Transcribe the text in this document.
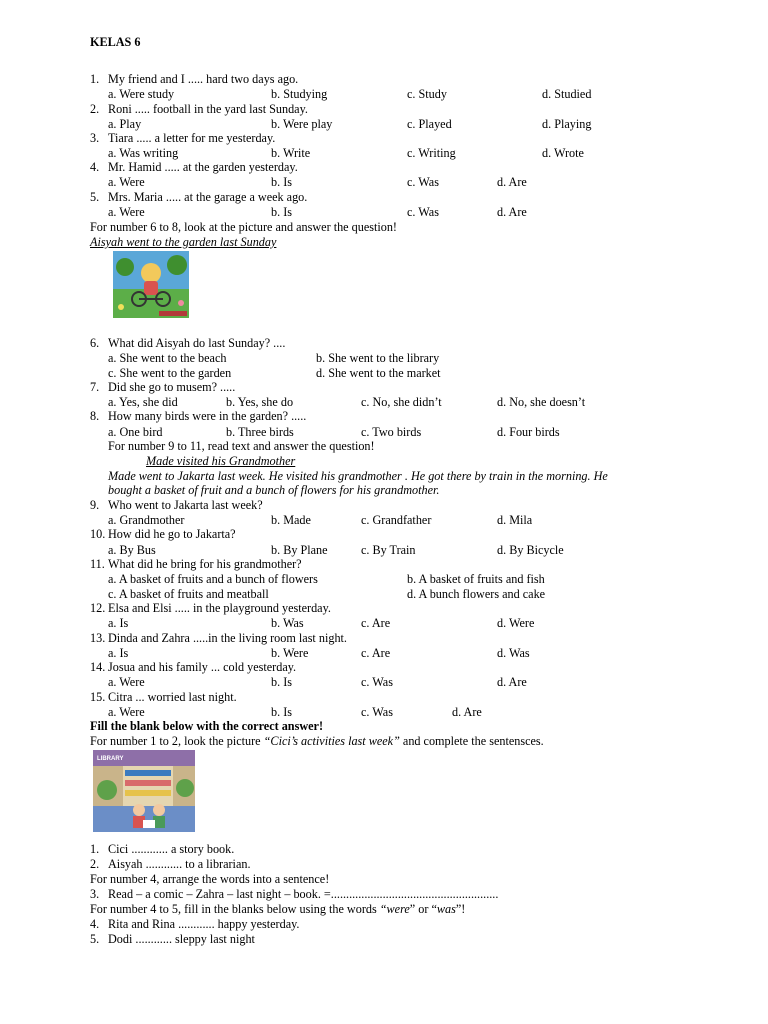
KELAS 6
1. My friend and I ..... hard two days ago.
a. Were study	b. Studying	c. Study	d. Studied
2. Roni ..... football in the yard last Sunday.
a. Play	b. Were play	c. Played	d. Playing
3. Tiara ..... a letter for me yesterday.
a. Was writing	b. Write	c. Writing	d. Wrote
4. Mr. Hamid ..... at the garden yesterday.
a. Were	b. Is	c. Was	d. Are
5. Mrs. Maria ..... at the garage a week ago.
a. Were	b. Is	c. Was	d. Are
For number 6 to 8, look at the picture and answer the question!
Aisyah went to the garden last Sunday
6. What did Aisyah do last Sunday? ....
a. She went to the beach	b. She went to the library
c. She went to the garden	d. She went to the market
7. Did she go to musem? .....
a. Yes, she did	b. Yes, she do	c. No, she didn’t	d. No, she doesn’t
8. How many birds were in the garden? .....
a. One bird	b. Three birds	c. Two birds	d. Four birds
For number 9 to 11, read text and answer the question!
Made visited his Grandmother
Made went to Jakarta last week. He visited his grandmother . He got there by train in the morning. He
bought a basket of fruit and a bunch of flowers for his grandmother.
9. Who went to Jakarta last week?
a. Grandmother	b. Made	c. Grandfather	d. Mila
10. How did he go to Jakarta?
a. By Bus	b. By Plane	c. By Train	d. By Bicycle
11. What did he bring for his grandmother?
a. A basket of fruits and a bunch of flowers	b. A basket of fruits and fish
c. A basket of fruits and meatball	d. A bunch flowers and cake
12. Elsa and Elsi ..... in the playground yesterday.
a. Is	b. Was	c. Are	d. Were
13. Dinda and Zahra .....in the living room last night.
a. Is	b. Were	c. Are	d. Was
14. Josua and his family ... cold yesterday.
a. Were	b. Is	c. Was	d. Are
15. Citra ... worried last night.
a. Were	b. Is	c. Was	d. Are
Fill the blank below with the correct answer!
For number 1 to 2, look the picture “Cici’s activities last week” and complete the sentensces.
LIBRARY
1. Cici ............ a story book.
2. Aisyah ............ to a librarian.
For number 4, arrange the words into a sentence!
3. Read – a comic – Zahra – last night – book. =.......................................................
For number 4 to 5, fill in the blanks below using the words “were” or “was”!
4. Rita and Rina ............ happy yesterday.
5. Dodi ............ sleppy last night
